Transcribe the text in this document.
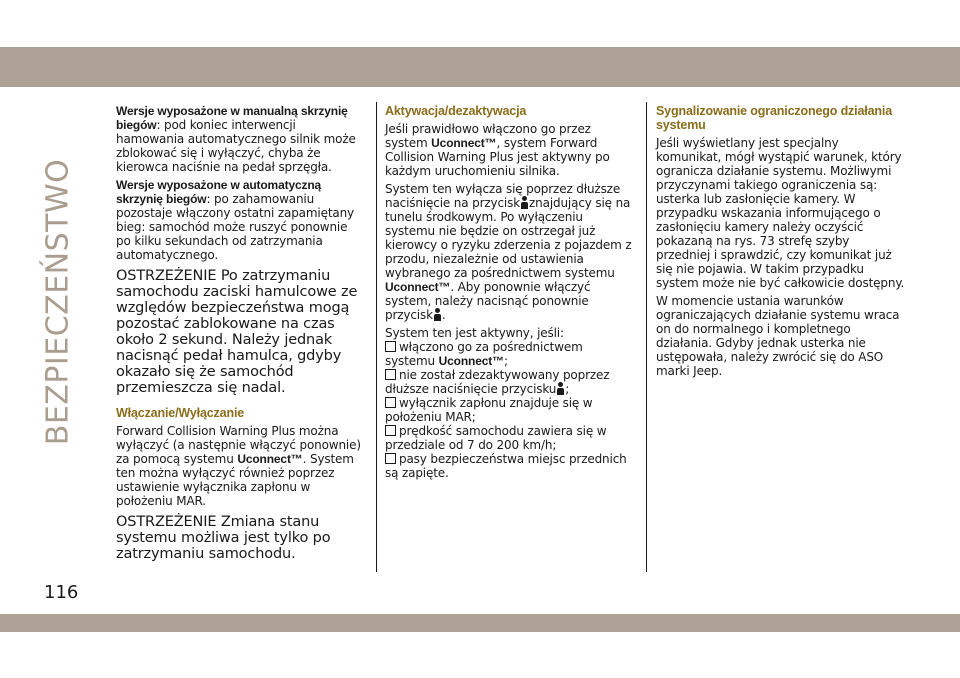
BEZPIECZEŃSTWO

Wersje wyposażone w manualną skrzynię biegów: pod koniec interwencji hamowania automatycznego silnik może zblokować się i wyłączyć, chyba że kierowca naciśnie na pedał sprzęgła.

Wersje wyposażone w automatyczną skrzynię biegów: po zahamowaniu pozostaje włączony ostatni zapamiętany bieg: samochód może ruszyć ponownie po kilku sekundach od zatrzymania automatycznego.

OSTRZEŻENIE Po zatrzymaniu samochodu zaciski hamulcowe ze względów bezpieczeństwa mogą pozostać zablokowane na czas około 2 sekund. Należy jednak nacisnąć pedał hamulca, gdyby okazało się że samochód przemieszcza się nadal.

Włączanie/Wyłączanie

Forward Collision Warning Plus można wyłączyć (a następnie włączyć ponownie) za pomocą systemu Uconnect™. System ten można wyłączyć również poprzez ustawienie wyłącznika zapłonu w położeniu MAR.

OSTRZEŻENIE Zmiana stanu systemu możliwa jest tylko po zatrzymaniu samochodu.

Aktywacja/dezaktywacja

Jeśli prawidłowo włączono go przez system Uconnect™, system Forward Collision Warning Plus jest aktywny po każdym uruchomieniu silnika.

System ten wyłącza się poprzez dłuższe naciśnięcie na przycisk znajdujący się na tunelu środkowym. Po wyłączeniu systemu nie będzie on ostrzegał już kierowcy o ryzyku zderzenia z pojazdem z przodu, niezależnie od ustawienia wybranego za pośrednictwem systemu Uconnect™. Aby ponownie włączyć system, należy nacisnąć ponownie przycisk .

System ten jest aktywny, jeśli:

włączono go za pośrednictwem systemu Uconnect™;
nie został zdezaktywowany poprzez dłuższe naciśnięcie przycisku ;
wyłącznik zapłonu znajduje się w położeniu MAR;
prędkość samochodu zawiera się w przedziale od 7 do 200 km/h;
pasy bezpieczeństwa miejsc przednich są zapięte.

Sygnalizowanie ograniczonego działania systemu

Jeśli wyświetlany jest specjalny komunikat, mógł wystąpić warunek, który ogranicza działanie systemu. Możliwymi przyczynami takiego ograniczenia są: usterka lub zasłonięcie kamery. W przypadku wskazania informującego o zasłonięciu kamery należy oczyścić pokazaną na rys. 73 strefę szyby przedniej i sprawdzić, czy komunikat już się nie pojawia. W takim przypadku system może nie być całkowicie dostępny.

W momencie ustania warunków ograniczających działanie systemu wraca on do normalnego i kompletnego działania. Gdyby jednak usterka nie ustępowała, należy zwrócić się do ASO marki Jeep.

116
